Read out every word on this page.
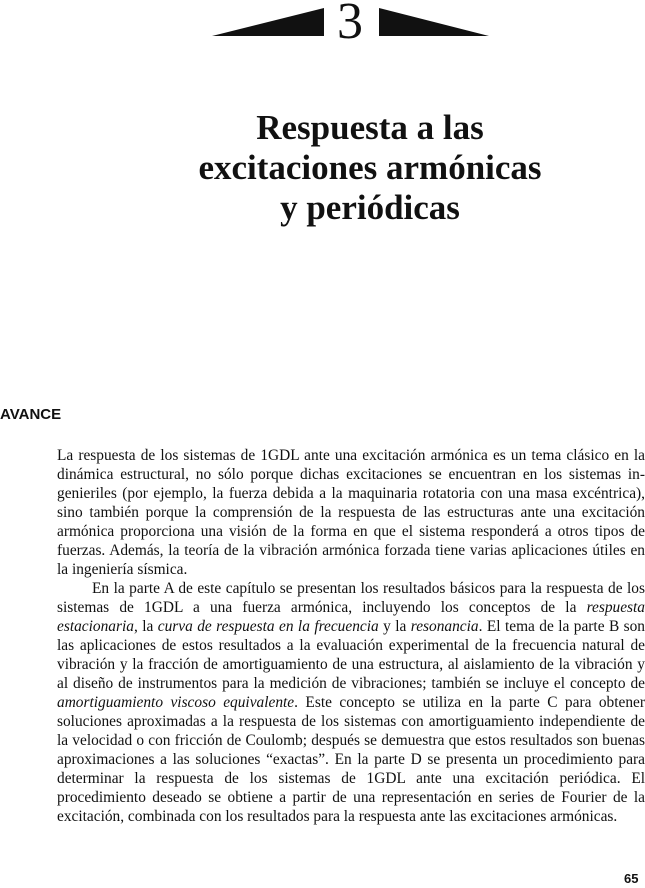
3
Respuesta a las
excitaciones armónicas
y periódicas
AVANCE

La respuesta de los sistemas de 1GDL ante una excitación armónica es un tema clásico en la dinámica estructural, no sólo porque dichas excitaciones se encuentran en los sistemas ingenieriles (por ejemplo, la fuerza debida a la maquinaria rotatoria con una masa excéntrica), sino también porque la comprensión de la respuesta de las estructuras ante una excitación armónica proporciona una visión de la forma en que el sistema responderá a otros tipos de fuerzas. Además, la teoría de la vibración armónica forzada tiene varias aplicaciones útiles en la ingeniería sísmica.

En la parte A de este capítulo se presentan los resultados básicos para la respuesta de los sistemas de 1GDL a una fuerza armónica, incluyendo los conceptos de la respuesta estacionaria, la curva de respuesta en la frecuencia y la resonancia. El tema de la parte B son las aplicaciones de estos resultados a la evaluación experimental de la frecuencia natural de vibración y la fracción de amortiguamiento de una estructura, al aislamiento de la vibración y al diseño de instrumentos para la medición de vibraciones; también se incluye el concepto de amortiguamiento viscoso equivalente. Este concepto se utiliza en la parte C para obtener soluciones aproximadas a la respuesta de los sistemas con amortiguamiento independiente de la velocidad o con fricción de Coulomb; después se demuestra que estos resultados son buenas aproximaciones a las soluciones “exactas”. En la parte D se presenta un procedimiento para determinar la respuesta de los sistemas de 1GDL ante una excitación periódica. El procedimiento deseado se obtiene a partir de una representación en series de Fourier de la excitación, combinada con los resultados para la respuesta ante las excitaciones armónicas.

65
